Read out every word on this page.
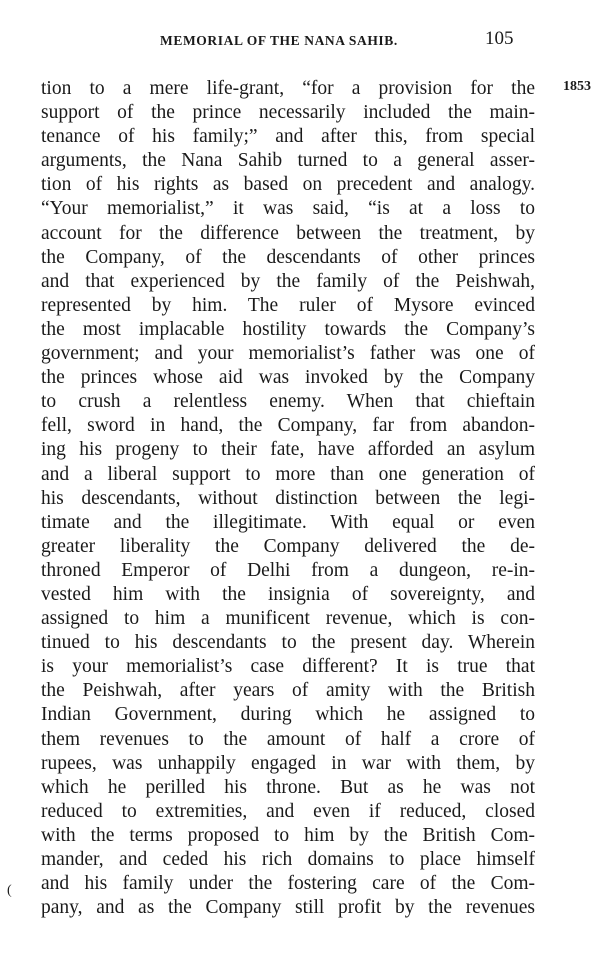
MEMORIAL OF THE NANA SAHIB.	105
1853
(
tion to a mere life-grant, “for a provision for the
support of the prince necessarily included the main-
tenance of his family;” and after this, from special
arguments, the Nana Sahib turned to a general asser-
tion of his rights as based on precedent and analogy.
“Your memorialist,” it was said, “is at a loss to
account for the difference between the treatment, by
the Company, of the descendants of other princes
and that experienced by the family of the Peishwah,
represented by him. The ruler of Mysore evinced
the most implacable hostility towards the Company’s
government; and your memorialist’s father was one of
the princes whose aid was invoked by the Company
to crush a relentless enemy. When that chieftain
fell, sword in hand, the Company, far from abandon-
ing his progeny to their fate, have afforded an asylum
and a liberal support to more than one generation of
his descendants, without distinction between the legi-
timate and the illegitimate. With equal or even
greater liberality the Company delivered the de-
throned Emperor of Delhi from a dungeon, re-in-
vested him with the insignia of sovereignty, and
assigned to him a munificent revenue, which is con-
tinued to his descendants to the present day. Wherein
is your memorialist’s case different? It is true that
the Peishwah, after years of amity with the British
Indian Government, during which he assigned to
them revenues to the amount of half a crore of
rupees, was unhappily engaged in war with them, by
which he perilled his throne. But as he was not
reduced to extremities, and even if reduced, closed
with the terms proposed to him by the British Com-
mander, and ceded his rich domains to place himself
and his family under the fostering care of the Com-
pany, and as the Company still profit by the revenues
